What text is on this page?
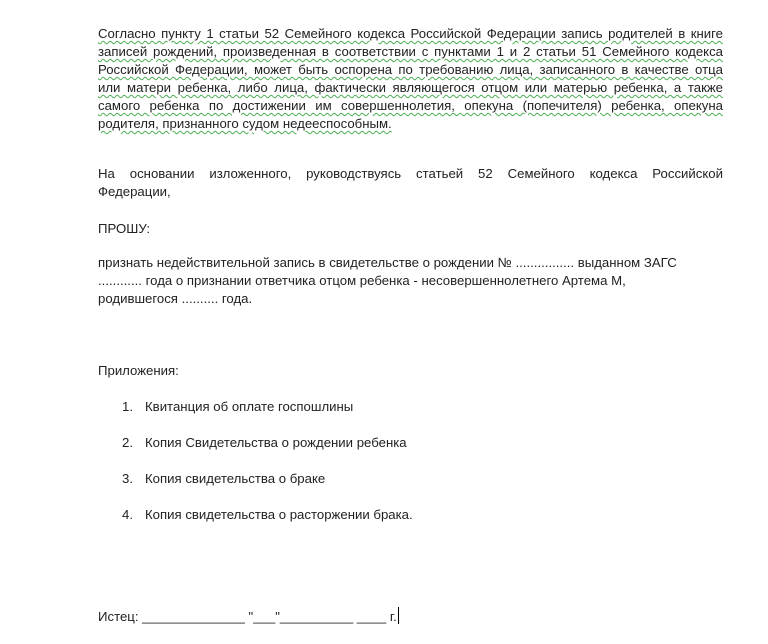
Согласно пункту 1 статьи 52 Семейного кодекса Российской Федерации запись родителей в книге
записей рождений, произведенная в соответствии с пунктами 1 и 2 статьи 51 Семейного кодекса
Российской Федерации, может быть оспорена по требованию лица, записанного в качестве отца
или матери ребенка, либо лица, фактически являющегося отцом или матерью ребенка, а также
самого ребенка по достижении им совершеннолетия, опекуна (попечителя) ребенка, опекуна
родителя, признанного судом недееспособным.
На основании изложенного, руководствуясь статьей 52 Семейного кодекса Российской
Федерации,
ПРОШУ:
признать недействительной запись в свидетельстве о рождении № ................ выданном ЗАГС
............ года о признании ответчика отцом ребенка - несовершеннолетнего Артема М,
родившегося .......... года.
Приложения:
1. Квитанция об оплате госпошлины
2. Копия Свидетельства о рождении ребенка
3. Копия свидетельства о браке
4. Копия свидетельства о расторжении брака.
Истец: ______________ "___"__________ ____ г.
